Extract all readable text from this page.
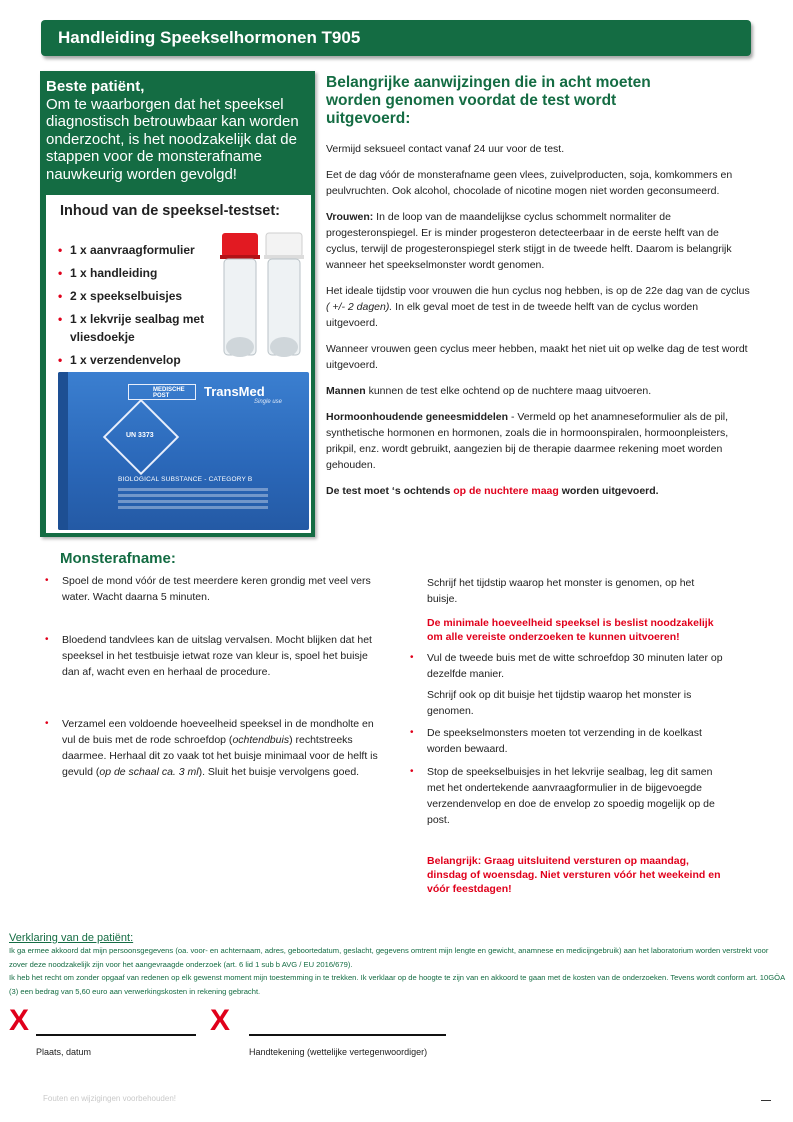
Handleiding Speekselhormonen T905
Beste patiënt,
Om te waarborgen dat het speeksel diagnostisch betrouwbaar kan worden onderzocht, is het noodzakelijk dat de stappen voor de monsterafname nauwkeurig worden gevolgd!
Inhoud van de speeksel-testset:
• 1 x aanvraagformulier
• 1 x handleiding
• 2 x speekselbuisjes
• 1 x lekvrije sealbag met vliesdoekje
• 1 x verzendenvelop
MEDISCHE POST	TransMed
Single use
UN 3373
BIOLOGICAL SUBSTANCE - CATEGORY B
Belangrijke aanwijzingen die in acht moeten worden genomen voordat de test wordt uitgevoerd:

Vermijd seksueel contact vanaf 24 uur voor de test.

Eet de dag vóór de monsterafname geen vlees, zuivelproducten, soja, komkommers en peulvruchten. Ook alcohol, chocolade of nicotine mogen niet worden geconsumeerd.

Vrouwen: In de loop van de maandelijkse cyclus schommelt normaliter de progesteronspiegel. Er is minder progesteron detecteerbaar in de eerste helft van de cyclus, terwijl de progesteronspiegel sterk stijgt in de tweede helft. Daarom is belangrijk wanneer het speekselmonster wordt genomen.

Het ideale tijdstip voor vrouwen die hun cyclus nog hebben, is op de 22e dag van de cyclus ( +/- 2 dagen). In elk geval moet de test in de tweede helft van de cyclus worden uitgevoerd.

Wanneer vrouwen geen cyclus meer hebben, maakt het niet uit op welke dag de test wordt uitgevoerd.

Mannen kunnen de test elke ochtend op de nuchtere maag uitvoeren.

Hormoonhoudende geneesmiddelen - Vermeld op het anamneseformulier als de pil, synthetische hormonen en hormonen, zoals die in hormoonspiralen, hormoonpleisters, prikpil, enz. wordt gebruikt, aangezien bij de therapie daarmee rekening moet worden gehouden.

De test moet ‘s ochtends op de nuchtere maag worden uitgevoerd.

Monsterafname:
• Spoel de mond vóór de test meerdere keren grondig met veel vers water. Wacht daarna 5 minuten.
• Bloedend tandvlees kan de uitslag vervalsen. Mocht blijken dat het speeksel in het testbuisje ietwat roze van kleur is, spoel het buisje dan af, wacht even en herhaal de procedure.
• Verzamel een voldoende hoeveelheid speeksel in de mondholte en vul de buis met de rode schroefdop (ochtendbuis) rechtstreeks daarmee. Herhaal dit zo vaak tot het buisje minimaal voor de helft is gevuld (op de schaal ca. 3 ml). Sluit het buisje vervolgens goed.
Schrijf het tijdstip waarop het monster is genomen, op het buisje.
De minimale hoeveelheid speeksel is beslist noodzakelijk om alle vereiste onderzoeken te kunnen uitvoeren!
• Vul de tweede buis met de witte schroefdop 30 minuten later op dezelfde manier.
Schrijf ook op dit buisje het tijdstip waarop het monster is genomen.
• De speekselmonsters moeten tot verzending in de koelkast worden bewaard.
• Stop de speekselbuisjes in het lekvrije sealbag, leg dit samen met het ondertekende aanvraagformulier in de bijgevoegde verzendenvelop en doe de envelop zo spoedig mogelijk op de post.
Belangrijk: Graag uitsluitend versturen op maandag, dinsdag of woensdag. Niet versturen vóór het weekeind en vóór feestdagen!
Verklaring van de patiënt:

Ik ga ermee akkoord dat mijn persoonsgegevens (oa. voor- en achternaam, adres, geboortedatum, geslacht, gegevens omtrent mijn lengte en gewicht, anamnese en medicijngebruik) aan het laboratorium worden verstrekt voor zover deze noodzakelijk zijn voor het aangevraagde onderzoek (art. 6 lid 1 sub b AVG / EU 2016/679).

Ik heb het recht om zonder opgaaf van redenen op elk gewenst moment mijn toestemming in te trekken. Ik verklaar op de hoogte te zijn van en akkoord te gaan met de kosten van de onderzoeken. Tevens wordt conform art. 10GÖA (3) een bedrag van 5,60 euro aan verwerkingskosten in rekening gebracht.

X
Plaats, datum
X
Handtekening (wettelijke vertegenwoordiger)
Fouten en wijzigingen voorbehouden!
